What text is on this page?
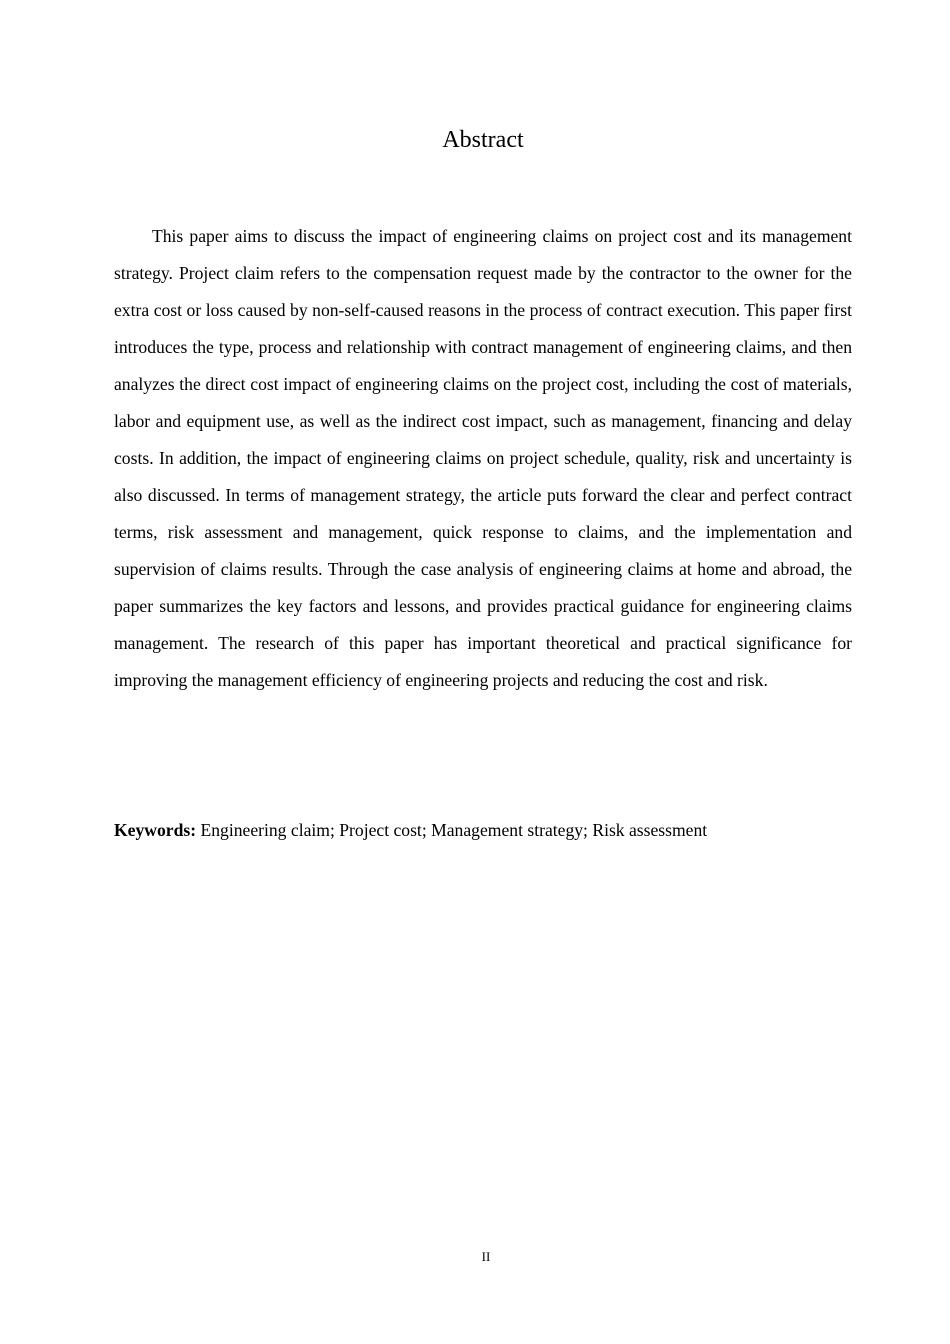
Abstract

This paper aims to discuss the impact of engineering claims on project cost and its management strategy. Project claim refers to the compensation request made by the contractor to the owner for the extra cost or loss caused by non-self-caused reasons in the process of contract execution. This paper first introduces the type, process and relationship with contract management of engineering claims, and then analyzes the direct cost impact of engineering claims on the project cost, including the cost of materials, labor and equipment use, as well as the indirect cost impact, such as management, financing and delay costs. In addition, the impact of engineering claims on project schedule, quality, risk and uncertainty is also discussed. In terms of management strategy, the article puts forward the clear and perfect contract terms, risk assessment and management, quick response to claims, and the implementation and supervision of claims results. Through the case analysis of engineering claims at home and abroad, the paper summarizes the key factors and lessons, and provides practical guidance for engineering claims management. The research of this paper has important theoretical and practical significance for improving the management efficiency of engineering projects and reducing the cost and risk.

Keywords: Engineering claim; Project cost; Management strategy; Risk assessment

II
